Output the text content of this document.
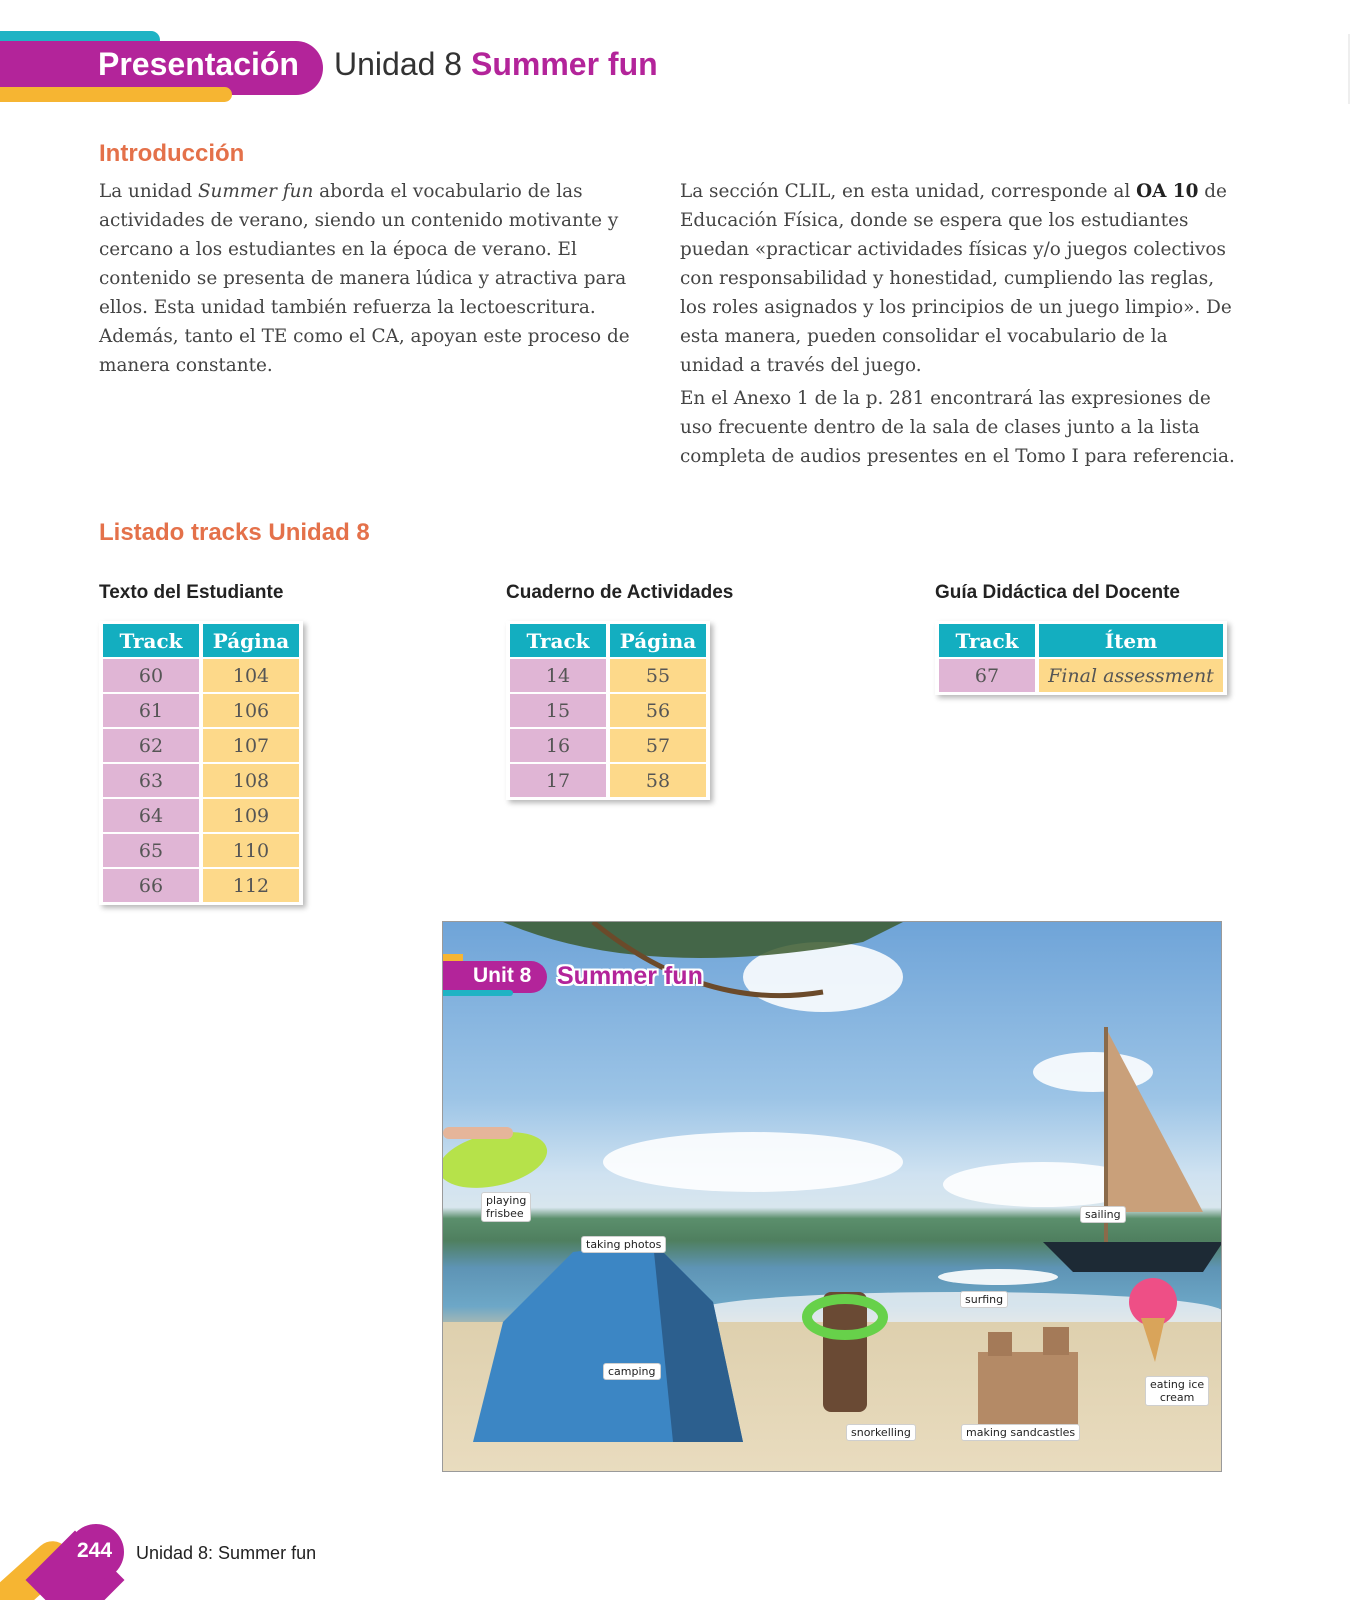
Presentación Unidad 8 Summer fun
Introducción
La unidad Summer fun aborda el vocabulario de las actividades de verano, siendo un contenido motivante y cercano a los estudiantes en la época de verano. El contenido se presenta de manera lúdica y atractiva para ellos. Esta unidad también refuerza la lectoescritura. Además, tanto el TE como el CA, apoyan este proceso de manera constante.
La sección CLIL, en esta unidad, corresponde al OA 10 de Educación Física, donde se espera que los estudiantes puedan «practicar actividades físicas y/o juegos colectivos con responsabilidad y honestidad, cumpliendo las reglas, los roles asignados y los principios de un juego limpio». De esta manera, pueden consolidar el vocabulario de la unidad a través del juego.
En el Anexo 1 de la p. 281 encontrará las expresiones de uso frecuente dentro de la sala de clases junto a la lista completa de audios presentes en el Tomo I para referencia.
Listado tracks Unidad 8
Texto del Estudiante
Track	Página
60	104
61	106
62	107
63	108
64	109
65	110
66	112
Cuaderno de Actividades
Track	Página
14	55
15	56
16	57
17	58
Guía Didáctica del Docente
Track	Ítem
67	Final assessment
Unit 8 Summer fun
playing
frisbee
taking photos
sailing
surfing
camping
eating ice
cream
snorkelling	making sandcastles
244 Unidad 8: Summer fun
